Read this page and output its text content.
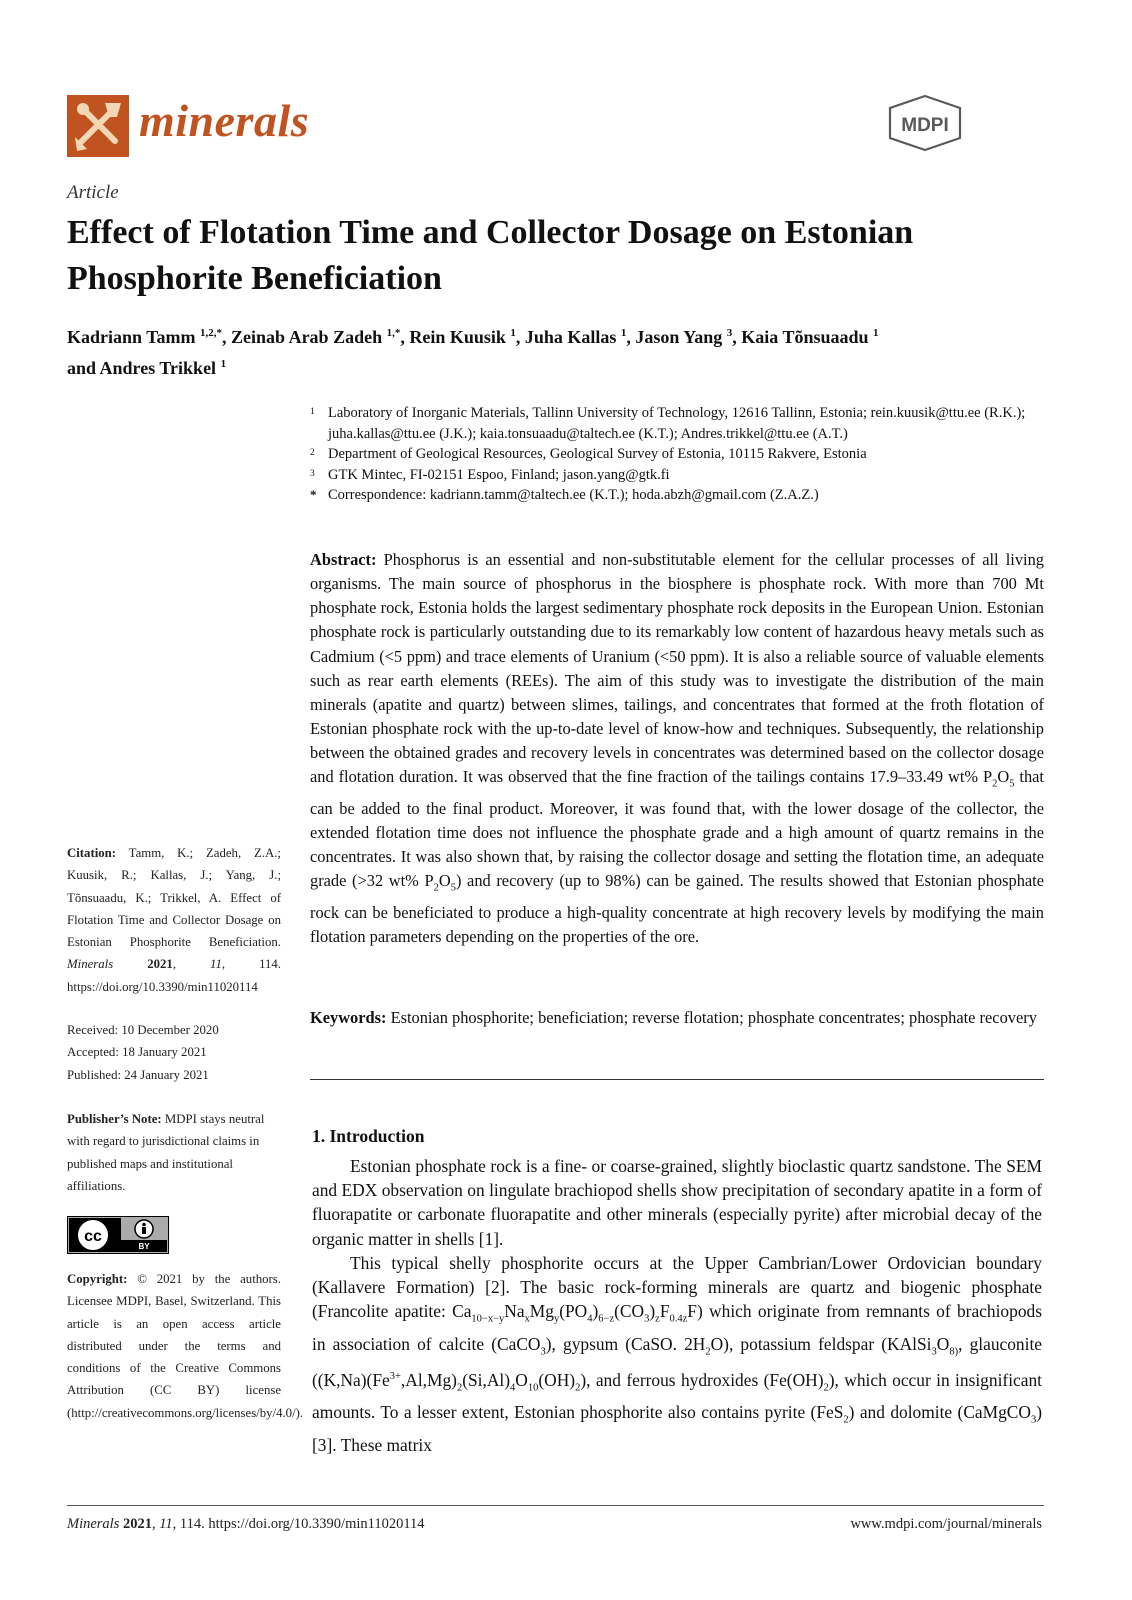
minerals	MDPI
Article
Effect of Flotation Time and Collector Dosage on Estonian Phosphorite Beneficiation
Kadriann Tamm $^{1,2,*}$, Zeinab Arab Zadeh $^{1,*}$, Rein Kuusik $^1$, Juha Kallas $^1$, Jason Yang $^3$, Kaia Tõnsuaadu $^1$
and Andres Trikkel $^1$
1 Laboratory of Inorganic Materials, Tallinn University of Technology, 12616 Tallinn, Estonia; rein.kuusik@ttu.ee (R.K.); juha.kallas@ttu.ee (J.K.); kaia.tonsuaadu@taltech.ee (K.T.); Andres.trikkel@ttu.ee (A.T.)
2 Department of Geological Resources, Geological Survey of Estonia, 10115 Rakvere, Estonia
3 GTK Mintec, FI-02151 Espoo, Finland; jason.yang@gtk.fi
* Correspondence: kadriann.tamm@taltech.ee (K.T.); hoda.abzh@gmail.com (Z.A.Z.)
Abstract: Phosphorus is an essential and non-substitutable element for the cellular processes of all living organisms. The main source of phosphorus in the biosphere is phosphate rock. With more than 700 Mt phosphate rock, Estonia holds the largest sedimentary phosphate rock deposits in the European Union. Estonian phosphate rock is particularly outstanding due to its remarkably low content of hazardous heavy metals such as Cadmium (<5 ppm) and trace elements of Uranium (<50 ppm). It is also a reliable source of valuable elements such as rear earth elements (REEs). The aim of this study was to investigate the distribution of the main minerals (apatite and quartz) between slimes, tailings, and concentrates that formed at the froth flotation of Estonian phosphate rock with the up-to-date level of know-how and techniques. Subsequently, the relationship between the obtained grades and recovery levels in concentrates was determined based on the collector dosage and flotation duration. It was observed that the fine fraction of the tailings contains 17.9–33.49 wt% $P_2O_5$ that can be added to the final product. Moreover, it was found that, with the lower dosage of the collector, the extended flotation time does not influence the phosphate grade and a high amount of quartz remains in the concentrates. It was also shown that, by raising the collector dosage and setting the flotation time, an adequate grade (>32 wt% $P_2O_5$) and recovery (up to 98%) can be gained. The results showed that Estonian phosphate rock can be beneficiated to produce a high-quality concentrate at high recovery levels by modifying the main flotation parameters depending on the properties of the ore.
Keywords: Estonian phosphorite; beneficiation; reverse flotation; phosphate concentrates; phosphate recovery
Citation: Tamm, K.; Zadeh, Z.A.; Kuusik, R.; Kallas, J.; Yang, J.; Tõnsuaadu, K.; Trikkel, A. Effect of Flotation Time and Collector Dosage on Estonian Phosphorite Beneficiation. Minerals 2021, 11, 114. https://doi.org/10.3390/min11020114
Received: 10 December 2020
Accepted: 18 January 2021
Published: 24 January 2021
Publisher’s Note: MDPI stays neutral with regard to jurisdictional claims in published maps and institutional affiliations.
cc
BY
Copyright: © 2021 by the authors. Licensee MDPI, Basel, Switzerland. This article is an open access article distributed under the terms and conditions of the Creative Commons Attribution (CC BY) license (http://creativecommons.org/licenses/by/4.0/).
1. Introduction

Estonian phosphate rock is a fine- or coarse-grained, slightly bioclastic quartz sandstone. The SEM and EDX observation on lingulate brachiopod shells show precipitation of secondary apatite in a form of fluorapatite or carbonate fluorapatite and other minerals (especially pyrite) after microbial decay of the organic matter in shells [1].

This typical shelly phosphorite occurs at the Upper Cambrian/Lower Ordovician boundary (Kallavere Formation) [2]. The basic rock-forming minerals are quartz and biogenic phosphate (Francolite apatite: $Ca_{10-x-y}Na_xMg_y(PO_4)_{6-z}(CO_3)_zF_{0.4z}F$) which originate from remnants of brachiopods in association of calcite (CaCO$_3$), gypsum (CaSO. $2H_2O$), potassium feldspar ($KAlSi_3O_{8)}$, glauconite $((K,Na)(Fe^{3+},Al,Mg)_2(Si,Al)_4O_{10}(OH)_2)$, and ferrous hydroxides $(Fe(OH)_2)$, which occur in insignificant amounts. To a lesser extent, Estonian phosphorite also contains pyrite (FeS$_2$) and dolomite (CaMgCO$_3$) [3]. These matrix

Minerals 2021, 11, 114. https://doi.org/10.3390/min11020114	www.mdpi.com/journal/minerals
